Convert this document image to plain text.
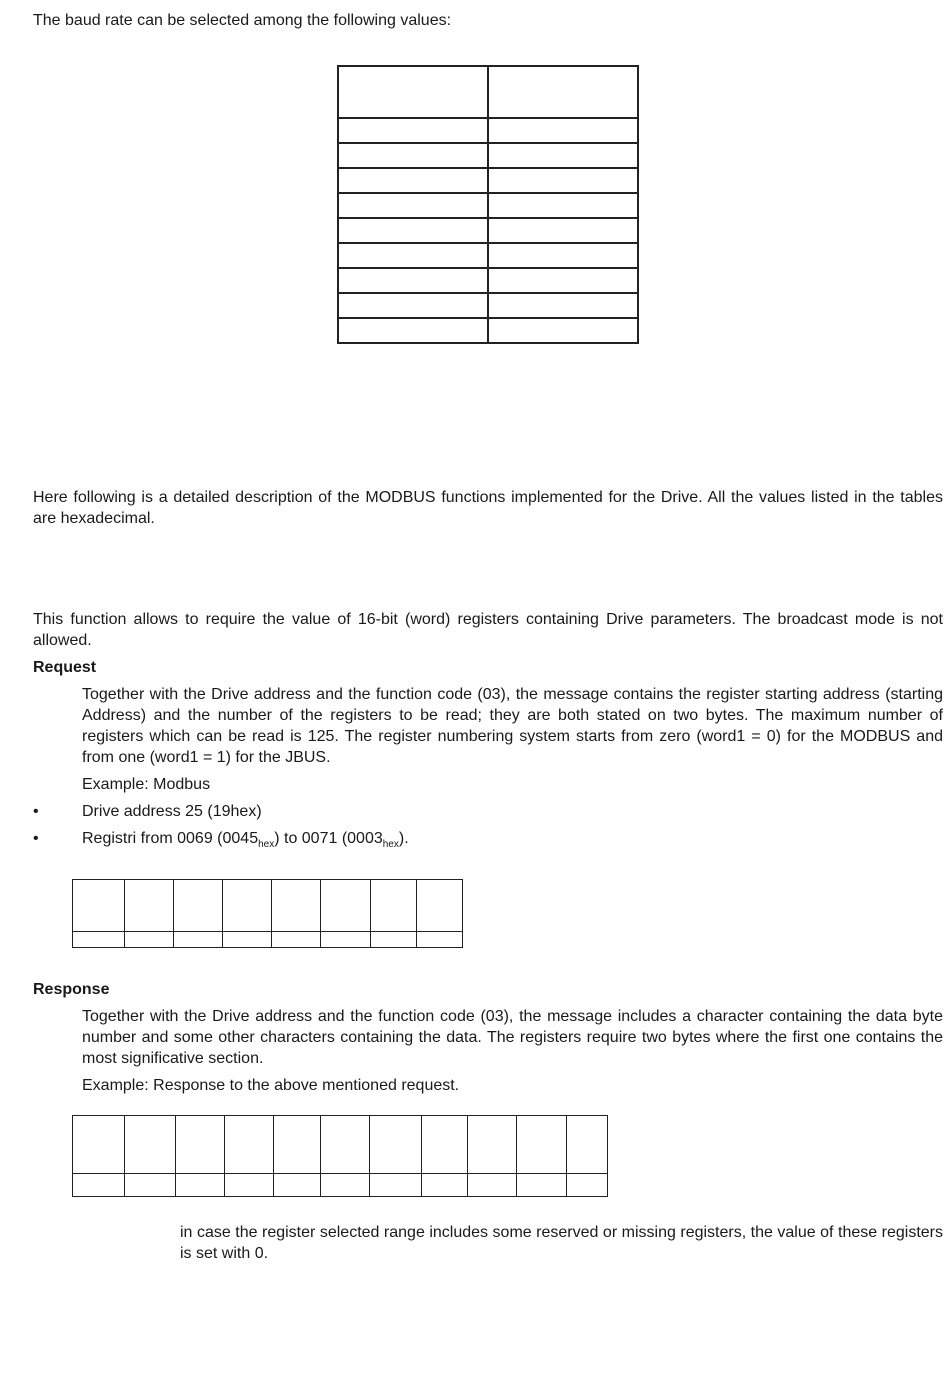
The baud rate can be selected among the following values:

Here following is a detailed description of the MODBUS functions implemented for the Drive. All the values listed in the tables are hexadecimal.

This function allows to require the value of 16-bit (word) registers containing Drive parameters. The broadcast mode is not allowed.

Request

Together with the Drive address and the function code (03), the message contains the register starting address (starting Address) and the number of the registers to be read; they are both stated on two bytes. The maximum number of registers which can be read is 125. The register numbering system starts from zero (word1 = 0) for the MODBUS and from one (word1 = 1) for the JBUS.

Example: Modbus

•	Drive address 25 (19hex)

•	Registri from 0069 $(0045_{hex})$ to 0071 $(0003_{hex})$.

Response

Together with the Drive address and the function code (03), the message includes a character containing the data byte number and some other characters containing the data. The registers require two bytes where the first one contains the most significative section.

Example: Response to the above mentioned request.

in case the register selected range includes some reserved or missing registers, the value of these registers is set with 0.
